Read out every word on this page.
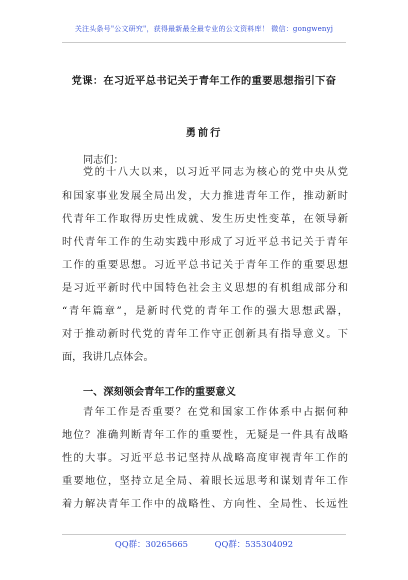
关注头条号"公文研究"，获得最新最全最专业的公文资料库！ 微信：gongwenyj
党课：在习近平总书记关于青年工作的重要思想指引下奋
勇前行
同志们：
党的十八大以来，以习近平同志为核心的党中央从党
和国家事业发展全局出发，大力推进青年工作，推动新时
代青年工作取得历史性成就、发生历史性变革，在领导新
时代青年工作的生动实践中形成了习近平总书记关于青年
工作的重要思想。习近平总书记关于青年工作的重要思想
是习近平新时代中国特色社会主义思想的有机组成部分和
“青年篇章”，是新时代党的青年工作的强大思想武器，
对于推动新时代党的青年工作守正创新具有指导意义。下
面，我讲几点体会。
一、深刻领会青年工作的重要意义
青年工作是否重要？在党和国家工作体系中占据何种
地位？准确判断青年工作的重要性，无疑是一件具有战略
性的大事。习近平总书记坚持从战略高度审视青年工作的
重要地位，坚持立足全局、着眼长远思考和谋划青年工作
着力解决青年工作中的战略性、方向性、全局性、长远性
QQ群：30265665	QQ群：535304092
